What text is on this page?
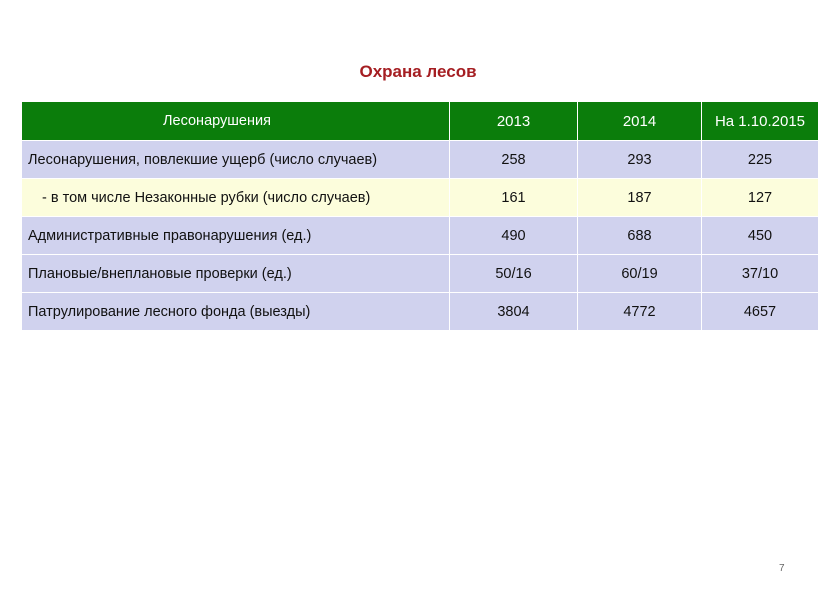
Охрана лесов
Лесонарушения	2013	2014	На 1.10.2015
Лесонарушения, повлекшие ущерб (число случаев)	258	293	225
- в том числе Незаконные рубки (число случаев)	161	187	127
Административные правонарушения (ед.)	490	688	450
Плановые/внеплановые проверки (ед.)	50/16	60/19	37/10
Патрулирование лесного фонда (выезды)	3804	4772	4657
7
